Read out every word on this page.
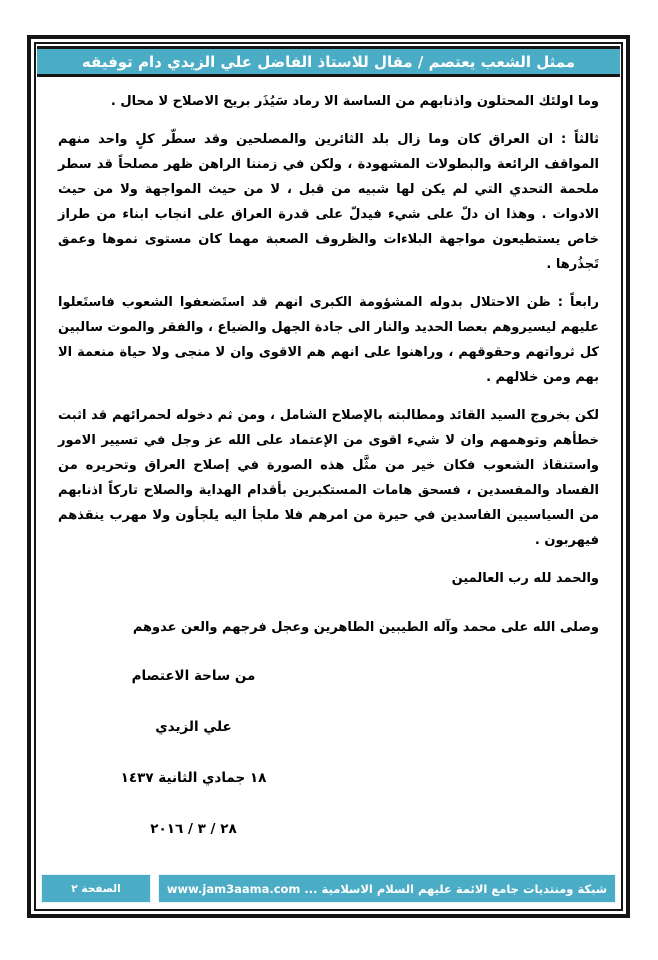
ممثل الشعب يعتصم / مقال للاستاذ الفاضل علي الزيدي دام توفيقه

وما اولئك المحتلون واذنابهم من الساسة الا رماد سَيُذَر بريح الاصلاح لا محال .

ثالثاً : ان العراق كان وما زال بلد الثائرين والمصلحين وقد سطّر كلٍ واحد منهم المواقف الرائعة والبطولات المشهودة ، ولكن في زمننا الراهن ظهر مصلحاً قد سطر ملحمة التحدي التي لم يكن لها شبيه من قبل ، لا من حيث المواجهة ولا من حيث الادوات . وهذا ان دلّ على شيء فيدلّ على قدرة العراق على انجاب ابناء من طراز خاص يستطيعون مواجهة البلاءات والظروف الصعبة مهما كان مستوى نموها وعمق تَجذُرها .

رابعاً : ظن الاحتلال بدوله المشؤومة الكبرى انهم قد استَضعفوا الشعوب فاستَعلوا عليهم ليسيروهم بعصا الحديد والنار الى جادة الجهل والضياع ، والفقر والموت سالبين كل ثرواتهم وحقوقهم ، وراهنوا على انهم هم الاقوى وان لا منجى ولا حياة منعمة الا بهم ومن خلالهم .

لكن بخروج السيد القائد ومطالبته بالإصلاح الشامل ، ومن ثم دخوله لحمرائهم قد اثبت خطأهم وتوهمهم وان لا شيء اقوى من الإعتماد على الله عز وجل في تسيير الامور واستنقاذ الشعوب فكان خير من مثَّل هذه الصورة في إصلاح العراق وتحريره من الفساد والمفسدين ، فسحق هامات المستكبرين بأقدام الهداية والصلاح تاركاً اذنابهم من السياسيين الفاسدين في حيرة من امرهم فلا ملجأ اليه يلجأون ولا مهرب ينقذهم فيهربون .

والحمد لله رب العالمين

وصلى الله على محمد وآله الطيبين الطاهرين وعجل فرجهم والعن عدوهم

من ساحة الاعتصام
علي الزيدي
١٨ جمادي الثانية ١٤٣٧
٢٨ / ٣ / ٢٠١٦
الصفحة ٢	شبكة ومنتديات جامع الائمة عليهم السلام الاسلامية ... www.jam3aama.com
